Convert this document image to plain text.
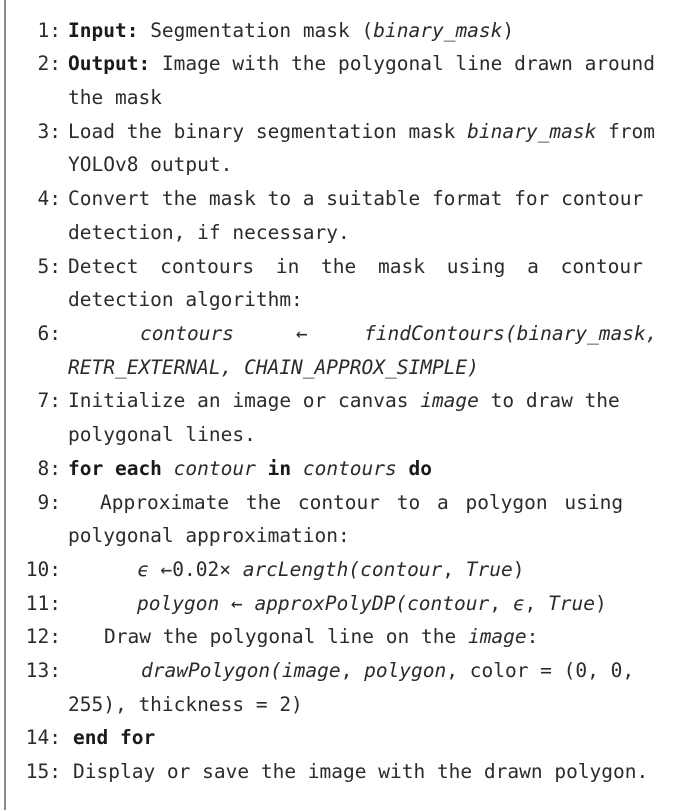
1: Input: Segmentation mask (binary_mask)
2: Output: Image with the polygonal line drawn around
the mask
3: Load the binary segmentation mask binary_mask from
YOLOv8 output.
4: Convert the mask to a suitable format for contour
detection, if necessary.
5: Detect contours in the mask using a contour
detection algorithm:
6:	contours	←	findContours(binary_mask,
RETR_EXTERNAL, CHAIN_APPROX_SIMPLE)
7: Initialize an image or canvas image to draw the
polygonal lines.
8: for each contour in contours do
9: Approximate the contour to a polygon using
polygonal approximation:
10:	ϵ ←0.02× arcLength(contour, True)
11:	polygon ← approxPolyDP(contour, ϵ, True)
12: Draw the polygonal line on the image:
13:	drawPolygon(image, polygon, color = (0, 0,
255), thickness = 2)
14: end for
15: Display or save the image with the drawn polygon.
